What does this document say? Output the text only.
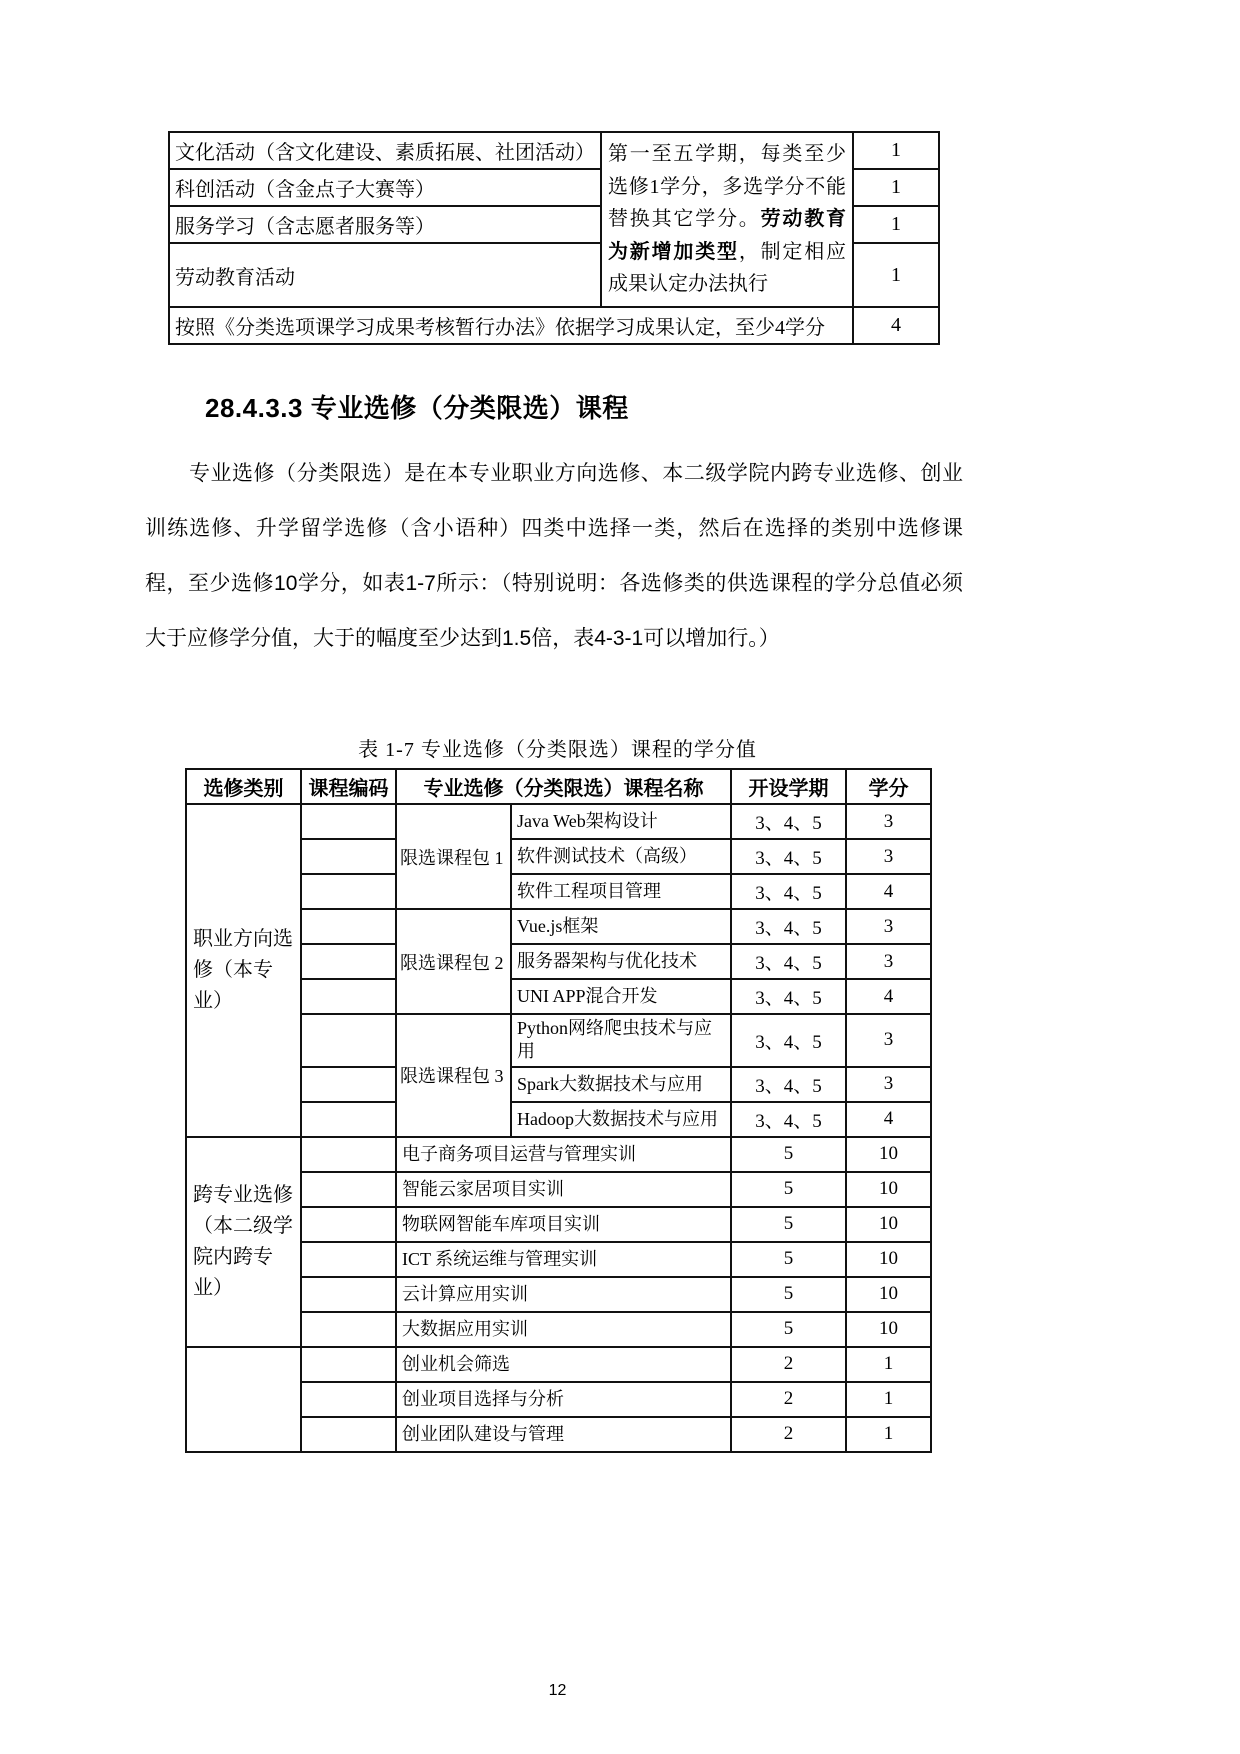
文化活动（含文化建设、素质拓展、社团活动）	第一至五学期，每类至少选修1学分，多选学分不能替换其它学分。劳动教育为新增加类型，制定相应成果认定办法执行	1
科创活动（含金点子大赛等）		1
服务学习（含志愿者服务等）		1
劳动教育活动		1
按照《分类选项课学习成果考核暂行办法》依据学习成果认定，至少4学分		4
28.4.3.3 专业选修（分类限选）课程
专业选修（分类限选）是在本专业职业方向选修、本二级学院内跨专业选修、创业训练选修、升学留学选修（含小语种）四类中选择一类，然后在选择的类别中选修课程，至少选修10学分，如表1-7所示：（特别说明：各选修类的供选课程的学分总值必须大于应修学分值，大于的幅度至少达到1.5倍，表4-3-1可以增加行。）
表 1-7 专业选修（分类限选）课程的学分值
选修类别	课程编码	专业选修（分类限选）课程名称		开设学期	学分
职业方向选修（本专业）		限选课程包 1	Java Web架构设计	3、4、5	3
			软件测试技术（高级）	3、4、5	3
			软件工程项目管理	3、4、5	4
		限选课程包 2	Vue.js框架	3、4、5	3
			服务器架构与优化技术	3、4、5	3
			UNI APP混合开发	3、4、5	4
		限选课程包 3	Python网络爬虫技术与应用	3、4、5	3
			Spark大数据技术与应用	3、4、5	3
			Hadoop大数据技术与应用	3、4、5	4
跨专业选修（本二级学院内跨专业）		电子商务项目运营与管理实训		5	10
		智能云家居项目实训		5	10
		物联网智能车库项目实训		5	10
		ICT 系统运维与管理实训		5	10
		云计算应用实训		5	10
		大数据应用实训		5	10
		创业机会筛选		2	1
		创业项目选择与分析		2	1
		创业团队建设与管理		2	1
12
